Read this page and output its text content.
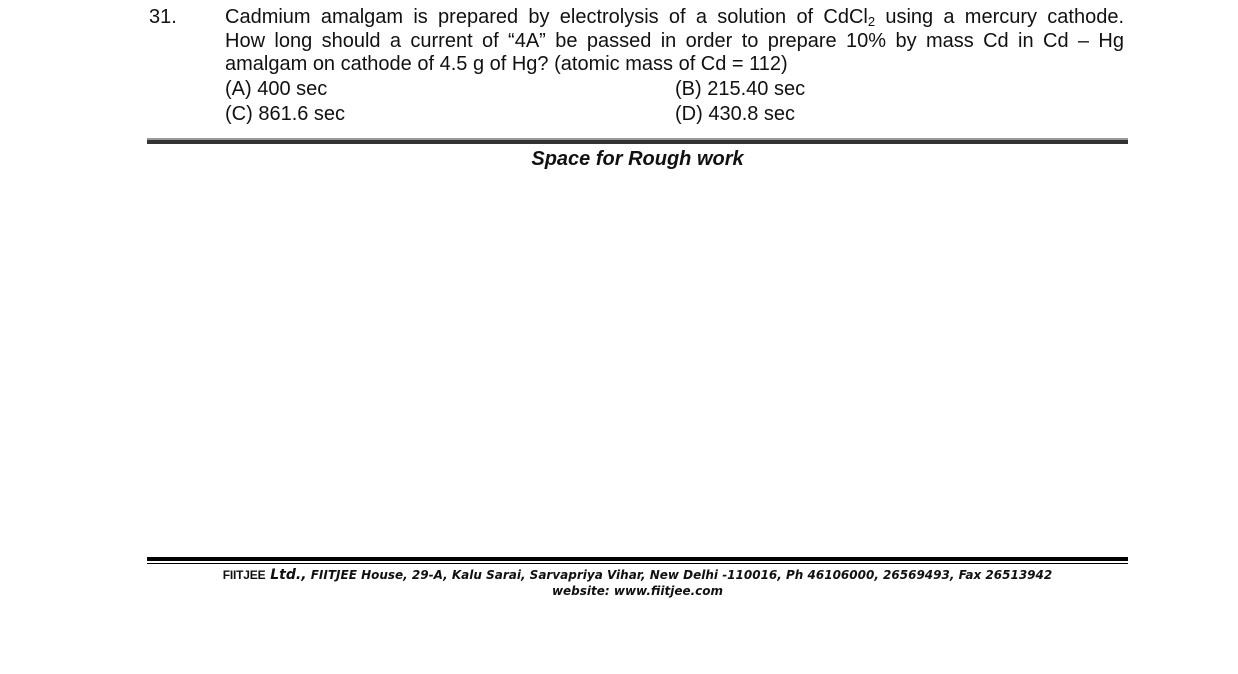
31. Cadmium amalgam is prepared by electrolysis of a solution of CdCl$_2$ using a mercury cathode.
How long should a current of “4A” be passed in order to prepare 10% by mass Cd in Cd – Hg
amalgam on cathode of 4.5 g of Hg? (atomic mass of Cd = 112)
(A) 400 sec	(B) 215.40 sec
(C) 861.6 sec	(D) 430.8 sec
Space for Rough work
FIITJEE Ltd., FIITJEE House, 29-A, Kalu Sarai, Sarvapriya Vihar, New Delhi -110016, Ph 46106000, 26569493, Fax 26513942
website: www.fiitjee.com
